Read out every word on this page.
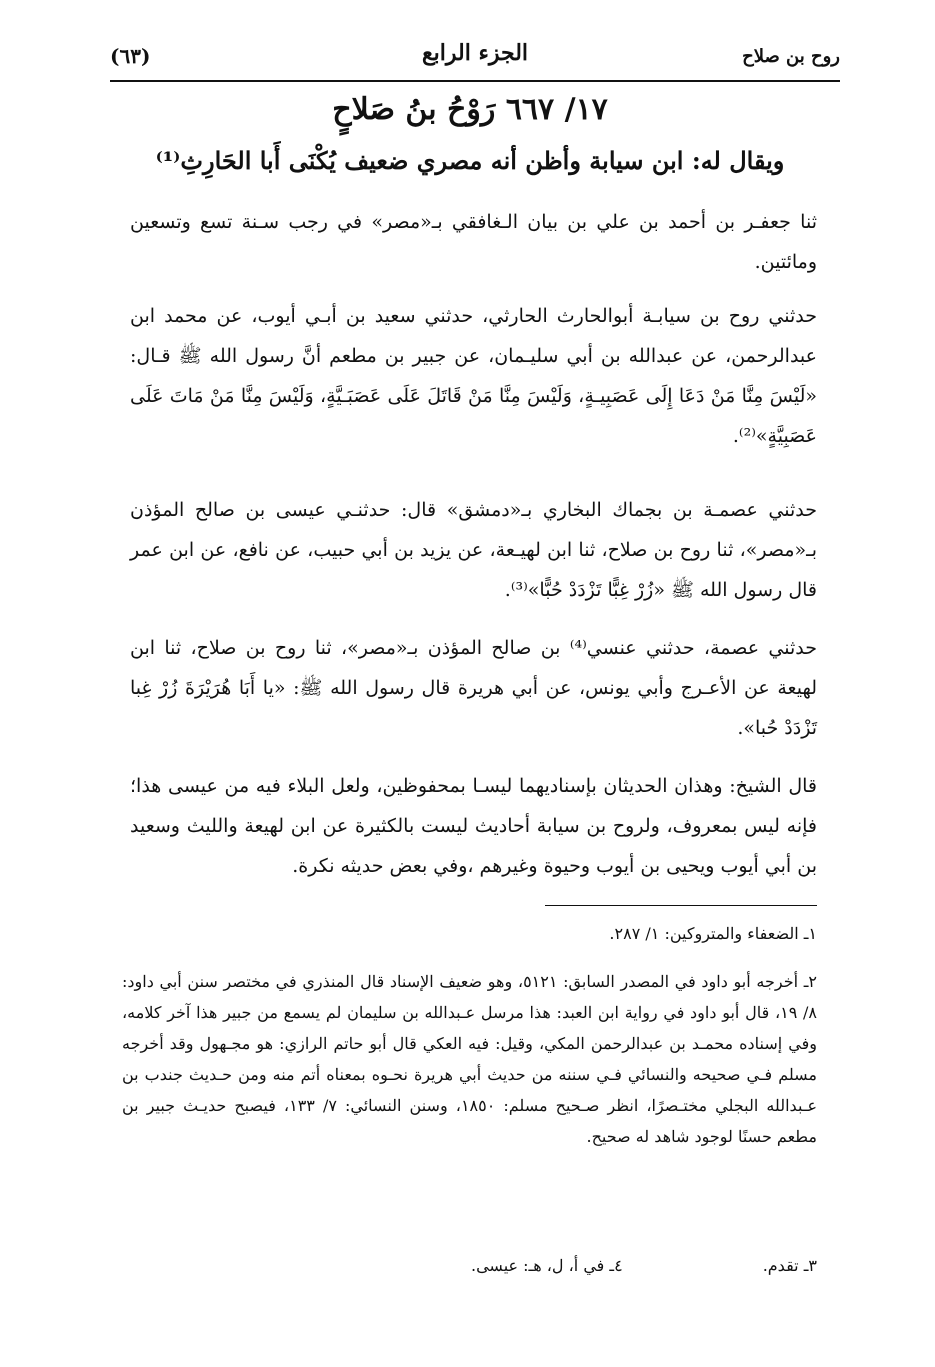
روح بن صلاح
الجزء الرابع
(٦٣)
١٧/ ٦٦٧ رَوْحُ بنُ صَلاحٍ
ويقال له: ابن سيابة وأظن أنه مصري ضعيف يُكْنَى أَبا الحَارِثِ⁽¹⁾
ثنا جعفـر بن أحمد بن علي بن بيان الـغافقي بـ«مصر» في رجب سـنة تسع وتسعين ومائتين.
حدثني روح بن سيابـة أبوالحارث الحارثي، حدثني سعيد بن أبـي أيوب، عن محمد ابن عبدالرحمن، عن عبدالله بن أبي سليـمان، عن جبير بن مطعم أنَّ رسول الله ﷺ قـال: «لَيْسَ مِنَّا مَنْ دَعَا إِلَى عَصَبِيـةٍ، وَلَيْسَ مِنَّا مَنْ قَاتَلَ عَلَى عَصَبَـيَّةٍ، وَلَيْسَ مِنَّا مَنْ مَاتَ عَلَى عَصَبِيَّةٍ»⁽²⁾.
حدثني عصمـة بن بجماك البخاري بـ«دمشق» قال: حدثنـي عيسى بن صالح المؤذن بـ«مصر»، ثنا روح بن صلاح، ثنا ابن لهيـعة، عن يزيد بن أبي حبيب، عن نافع، عن ابن عمر قال رسول الله ﷺ «زُرْ غِبًّا تَزْدَدْ حُبًّا»⁽³⁾.
حدثني عصمة، حدثني عنسي⁽⁴⁾ بن صالح المؤذن بـ«مصر»، ثنا روح بن صلاح، ثنا ابن لهيعة عن الأعـرج وأبي يونس، عن أبي هريرة قال رسول الله ﷺ: «يا أَبَا هُرَيْرَةَ زُرْ غِبا تَزْدَدْ حُبا».
قال الشيخ: وهذان الحديثان بإسناديهما ليسـا بمحفوظين، ولعل البلاء فيه من عيسى هذا؛ فإنه ليس بمعروف، ولروح بن سيابة أحاديث ليست بالكثيرة عن ابن لهيعة والليث وسعيد بن أبي أيوب ويحيى بن أيوب وحيوة وغيرهم ،وفي بعض حديثه نكرة.
١ـ الضعفاء والمتروكين: ١/ ٢٨٧.
٢ـ أخرجه أبو داود في المصدر السابق: ٥١٢١، وهو ضعيف الإسناد قال المنذري في مختصر سنن أبي داود: ٨/ ١٩، قال أبو داود في رواية ابن العبد: هذا مرسل عـبدالله بن سليمان لم يسمع من جبير هذا آخر كلامه، وفي إسناده محمـد بن عبدالرحمن المكي، وقيل: فيه العكي قال أبو حاتم الرازي: هو مجـهول وقد أخرجه مسلم فـي صحيحه والنسائي فـي سننه من حديث أبي هريرة نحـوه بمعناه أتم منه ومن حـديث جندب بن عـبدالله البجلي مختـصرًا، انظر صـحيح مسلم: ١٨٥٠، وسنن النسائي: ٧/ ١٣٣، فيصبح حديـث جبير بن مطعم حسنًا لوجود شاهد له صحيح.
٣ـ تقدم.
٤ـ في أ، ل، هـ: عيسى.
